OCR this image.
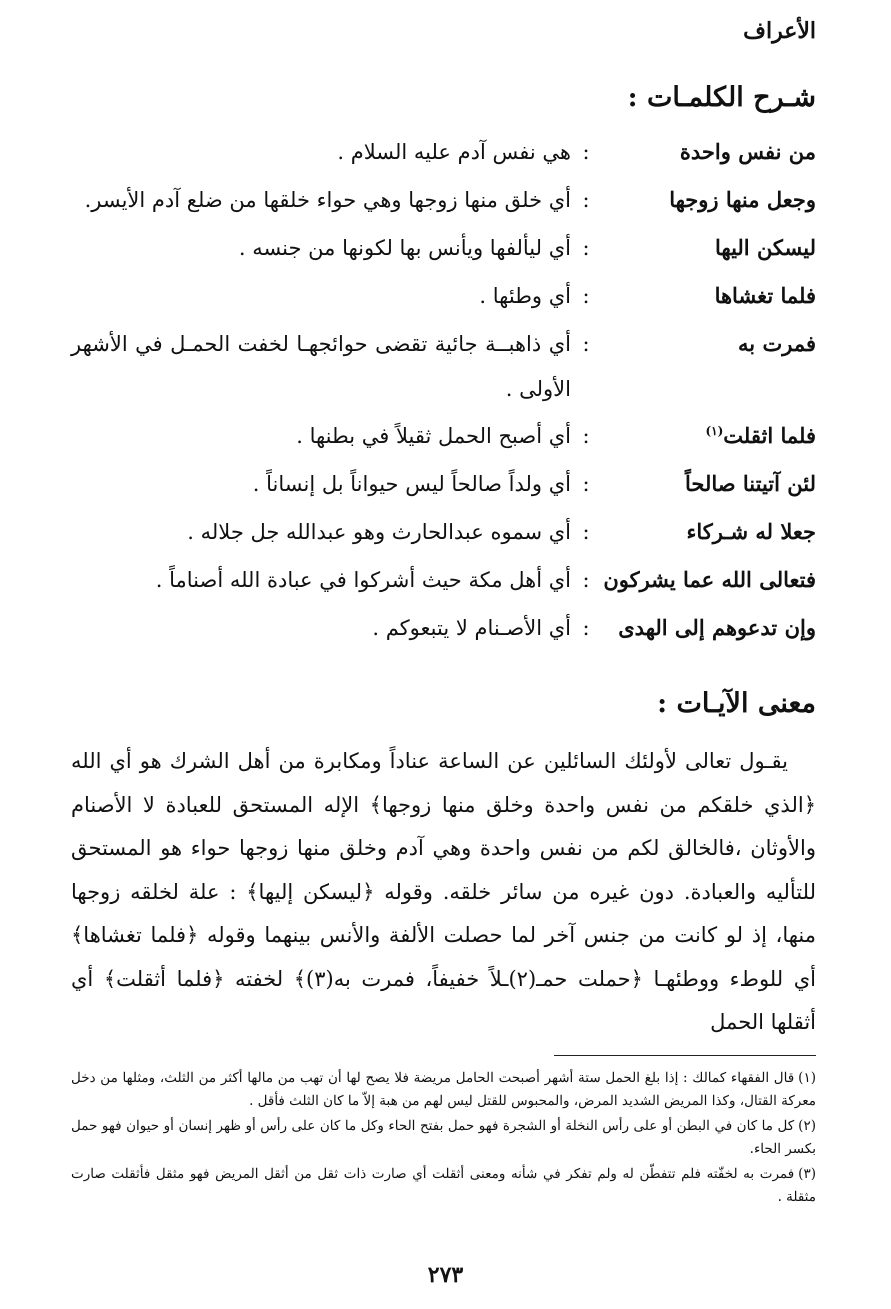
الأعراف
شـرح الكلمـات :
من نفس واحدة
:
هي نفس آدم عليه السلام .
وجعل منها زوجها
:
أي خلق منها زوجها وهي حواء خلقها من ضلع آدم الأيسر.
ليسكن اليها
:
أي ليألفها ويأنس بها لكونها من جنسه .
فلما تغشاها
:
أي وطئها .
فمرت به
:
أي ذاهبــة جائية تقضى حوائجهـا لخفت الحمـل في الأشهر الأولى .
فلما اثقلت$^{(١)}$
:
أي أصبح الحمل ثقيلاً في بطنها .
لئن آتيتنا صالحاً
:
أي ولداً صالحاً ليس حيواناً بل إنساناً .
جعلا له شـركاء
:
أي سموه عبدالحارث وهو عبدالله جل جلاله .
فتعالى الله عما يشركون
:
أي أهل مكة حيث أشركوا في عبادة الله أصناماً .
وإن تدعوهم إلى الهدى
:
أي الأصـنام لا يتبعوكم .
معنى الآيـات :
يقـول تعالى لأولئك السائلين عن الساعة عناداً ومكابرة من أهل الشرك هو أي الله ﴿الذي خلقكم من نفس واحدة وخلق منها زوجها﴾ الإله المستحق للعبادة لا الأصنام والأوثان ،فالخالق لكم من نفس واحدة وهي آدم وخلق منها زوجها حواء هو المستحق للتأليه والعبادة. دون غيره من سائر خلقه. وقوله ﴿ليسكن إليها﴾ : علة لخلقه زوجها منها، إذ لو كانت من جنس آخر لما حصلت الألفة والأنس بينهما وقوله ﴿فلما تغشاها﴾ أي للوطء ووطئهـا ﴿حملت حمـ(٢)ـلاً خفيفاً، فمرت به(٣)﴾ لخفته ﴿فلما أثقلت﴾ أي أثقلها الحمل
(١)قال الفقهاء كمالك : إذا بلغ الحمل ستة أشهر أصبحت الحامل مريضة فلا يصح لها أن تهب من مالها أكثر من الثلث، ومثلها من دخل معركة القتال، وكذا المريض الشديد المرض، والمحبوس للقتل ليس لهم من هبة إلاّ ما كان الثلث فأقل .
(٢)كل ما كان في البطن أو على رأس النخلة أو الشجرة فهو حمل بفتح الحاء وكل ما كان على رأس أو ظهر إنسان أو حيوان فهو حمل بكسر الحاء.
(٣)فمرت به لخفّته فلم تتفطّن له ولم تفكر في شأنه ومعنى أثقلت أي صارت ذات ثقل من أثقل المريض فهو مثقل فأثقلت صارت مثقلة .
٢٧٣
